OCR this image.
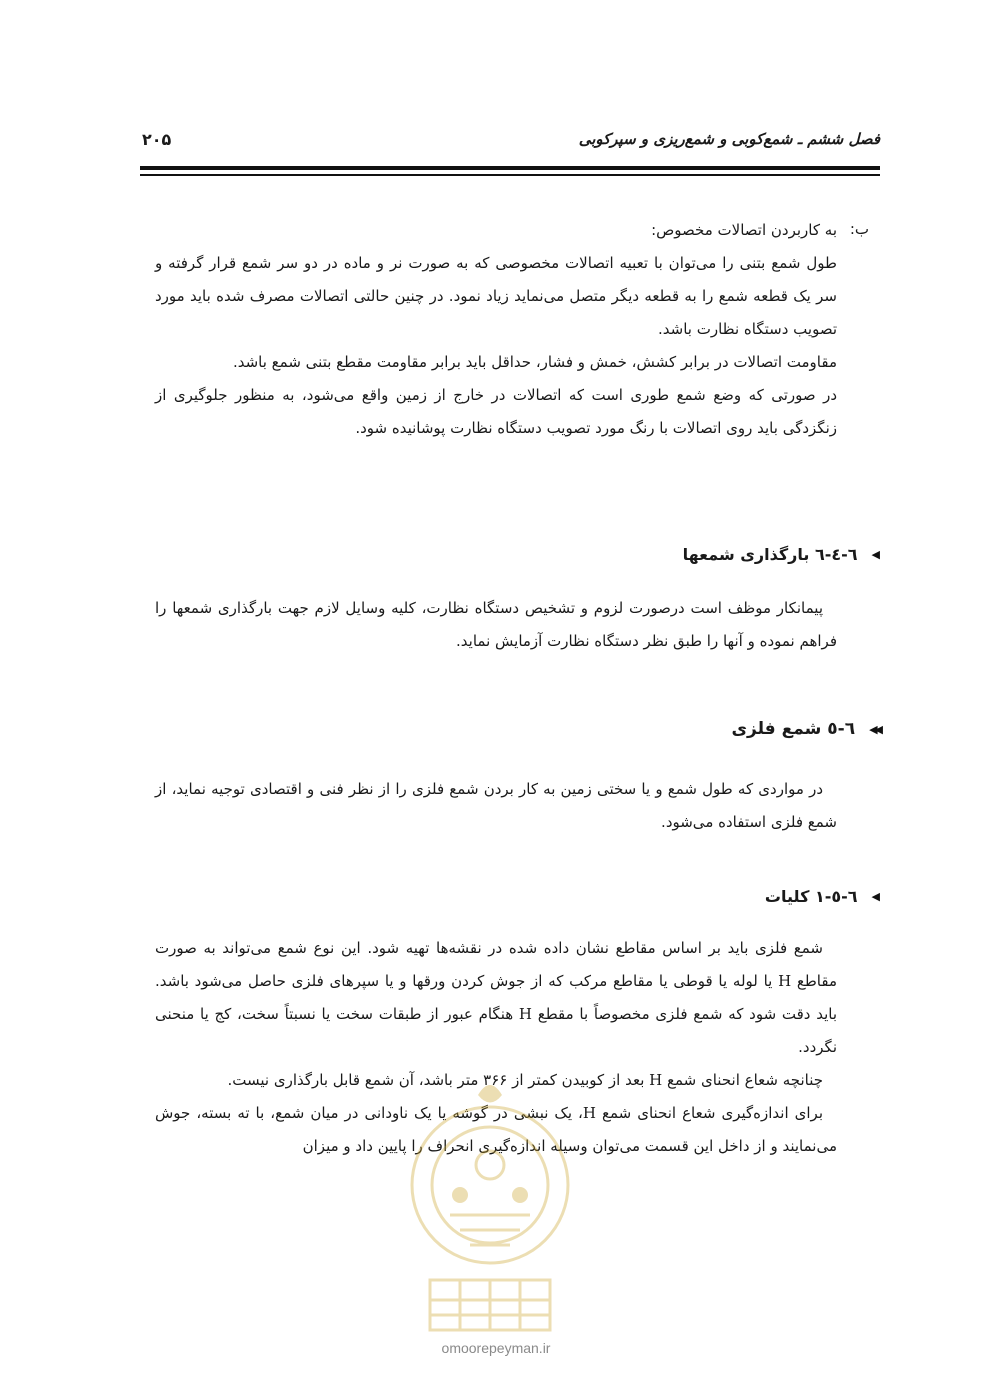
فصل ششم ـ شمع‌کوبی و شمع‌ریزی و سپرکوبی
۲۰۵
ب:

به کاربردن اتصالات مخصوص:

طول شمع بتنی را می‌توان با تعبیه اتصالات مخصوصی که به صورت نر و ماده در دو سر شمع قرار گرفته و سر یک قطعه شمع را به قطعه دیگر متصل می‌نماید زیاد نمود. در چنین حالتی اتصالات مصرف شده باید مورد تصویب دستگاه نظارت باشد.

مقاومت اتصالات در برابر کشش، خمش و فشار، حداقل باید برابر مقاومت مقطع بتنی شمع باشد.

در صورتی که وضع شمع طوری است که اتصالات در خارج از زمین واقع می‌شود، به منظور جلوگیری از زنگزدگی باید روی اتصالات با رنگ مورد تصویب دستگاه نظارت پوشانیده شود.

◀
٦-٤-٦ بارگذاری شمعها

پیمانکار موظف است درصورت لزوم و تشخیص دستگاه نظارت، کلیه وسایل لازم جهت بارگذاری شمعها را فراهم نموده و آنها را طبق نظر دستگاه نظارت آزمایش نماید.

◀◀
٦-٥ شمع فلزی

در مواردی که طول شمع و یا سختی زمین به کار بردن شمع فلزی را از نظر فنی و اقتصادی توجیه نماید، از شمع فلزی استفاده می‌شود.

◀
٦-٥-١ کلیات

شمع فلزی باید بر اساس مقاطع نشان داده شده در نقشه‌ها تهیه شود. این نوع شمع می‌تواند به صورت مقاطع H یا لوله یا قوطی یا مقاطع مرکب که از جوش کردن ورقها و یا سپرهای فلزی حاصل می‌شود باشد. باید دقت شود که شمع فلزی مخصوصاً با مقطع H هنگام عبور از طبقات سخت یا نسبتاً سخت، کج یا منحنی نگردد.

چنانچه شعاع انحنای شمع H بعد از کوبیدن کمتر از ۳۶۶ متر باشد، آن شمع قابل بارگذاری نیست.

برای اندازه‌گیری شعاع انحنای شمع H، یک نبشی در گوشه یا یک ناودانی در میان شمع، با ته بسته، جوش می‌نمایند و از داخل این قسمت می‌توان وسیله اندازه‌گیری انحراف را پایین داد و میزان

omoorepeyman.ir
